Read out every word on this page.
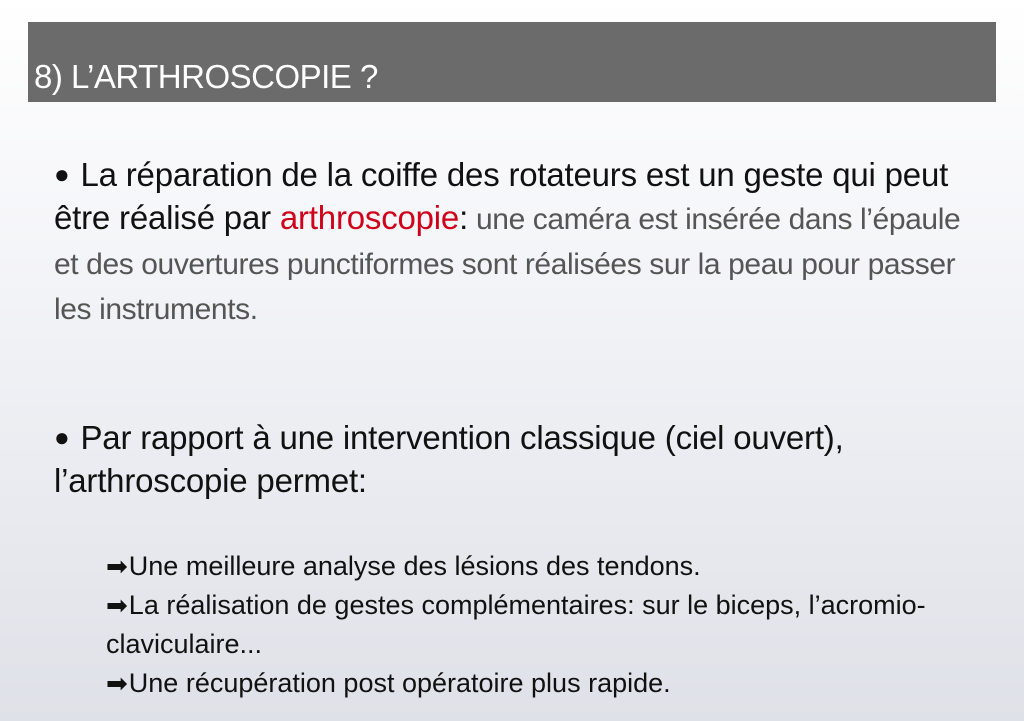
8) L’ARTHROSCOPIE ?
● La réparation de la coiffe des rotateurs est un geste qui peut être réalisé par arthroscopie: une caméra est insérée dans l’épaule et des ouvertures punctiformes sont réalisées sur la peau pour passer les instruments.
● Par rapport à une intervention classique (ciel ouvert), l’arthroscopie permet:
➡Une meilleure analyse des lésions des tendons.
➡La réalisation de gestes complémentaires: sur le biceps, l’acromio-claviculaire...
➡Une récupération post opératoire plus rapide.
